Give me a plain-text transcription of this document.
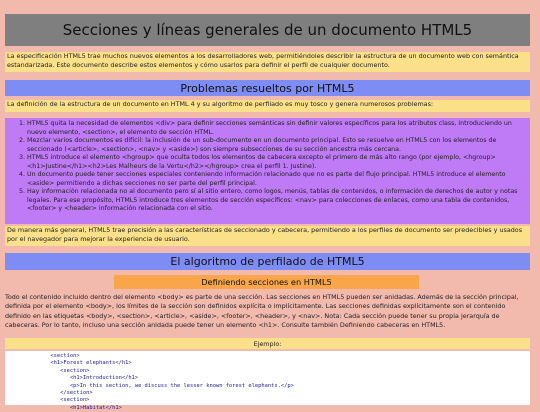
Secciones y líneas generales de un documento HTML5
La especificación HTML5 trae muchos nuevos elementos a los desarrolladores web, permitiéndoles describir la estructura de un documento web con semántica estandarizada. Este documento describe estos elementos y cómo usarlos para definir el perfil de cualquier documento.
Problemas resueltos por HTML5
La definición de la estructura de un documento en HTML 4 y su algoritmo de perfilado es muy tosco y genera numerosos problemas:
1. HTML5 quita la necesidad de elementos <div> para definir secciones semánticas sin definir valores específicos para los atributos class, introduciendo un nuevo elemento, <section>, el elemento de sección HTML.
2. Mezclar varios documentos es difícil: la inclusión de un sub-documento en un documento principal. Esto se resuelve en HTML5 con los elementos de seccionado (<article>, <section>, <nav> y <aside>) son siempre subsecciones de su sección ancestra más cercana.
3. HTML5 introduce el elemento <hgroup> que oculta todos los elementos de cabecera excepto el primero de más alto rango (por ejemplo, <hgroup><h1>Justine</h1><h2>Les Malheurs de la Vertu</h2></hgroup> crea el perfil 1. Justine).
4. Un documento puede tener secciones especiales conteniendo información relacionado que no es parte del flujo principal. HTML5 introduce el elemento <aside> permitiendo a dichas secciones no ser parte del perfil principal.
5. Hay información relacionada no al documento pero sí al sitio entero, como logos, menús, tablas de contenidos, o información de derechos de autor y notas legales. Para ese propósito, HTML5 introduce tres elementos de sección específicos: <nav> para colecciones de enlaces, como una tabla de contenidos, <footer> y <header> información relacionada con el sitio.
De manera más general, HTML5 trae precisión a las características de seccionado y cabecera, permitiendo a los perfiles de documento ser predecibles y usados por el navegador para mejorar la experiencia de usuario.
El algoritmo de perfilado de HTML5
Definiendo secciones en HTML5
Todo el contenido incluido dentro del elemento <body> es parte de una sección. Las secciones en HTML5 pueden ser anidadas. Además de la sección principal, definida por el elemento <body>, los límites de la sección son definidos explícita o implícitamente. Las secciones definidas explícitamente son el contenido definido en las etiquetas <body>, <section>, <article>, <aside>, <footer>, <header>, y <nav>. Nota: Cada sección puede tener su propia jerarquía de cabeceras. Por lo tanto, incluso una sección anidada puede tener un elemento <h1>. Consulte también Definiendo cabeceras en HTML5.
Ejemplo:
<section>
<h1>Forest elephants</h1>
<section>
<h1>Introduction</h1>
<p>In this section, we discuss the lesser known forest elephants.</p>
</section>
<section>
<h1>Habitat</h1>
